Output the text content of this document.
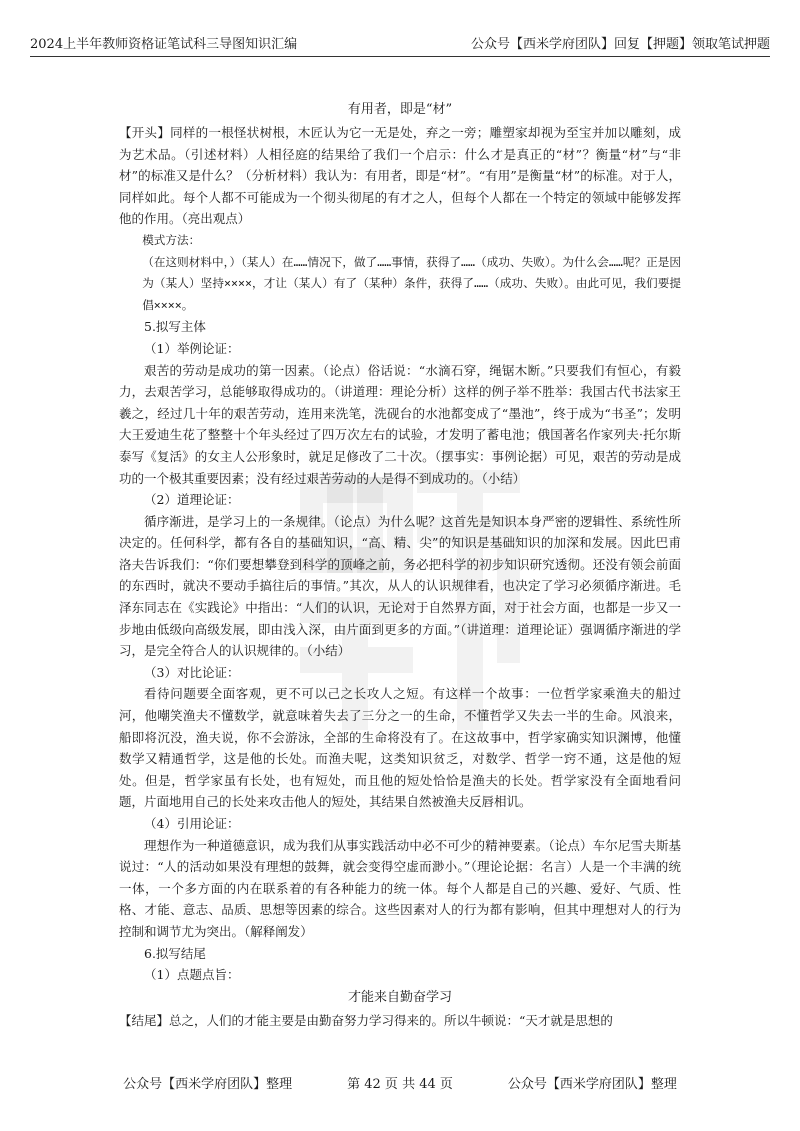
2024上半年教师资格证笔试科三导图知识汇编	公众号【西米学府团队】回复【押题】领取笔试押题

有用者，即是“材”

【开头】同样的一根怪状树根，木匠认为它一无是处，弃之一旁；雕塑家却视为至宝并加以雕刻，成为艺术品。（引述材料）人相径庭的结果给了我们一个启示：什么才是真正的“材”？衡量“材”与“非材”的标准又是什么？（分析材料）我认为：有用者，即是“材”。“有用”是衡量“材”的标准。对于人，同样如此。每个人都不可能成为一个彻头彻尾的有才之人，但每个人都在一个特定的领域中能够发挥他的作用。（亮出观点）

模式方法：

（在这则材料中，）（某人）在……情况下，做了……事情，获得了……（成功、失败）。为什么会……呢？正是因为（某人）坚持××××，才让（某人）有了（某种）条件，获得了……（成功、失败）。由此可见，我们要提倡××××。

5.拟写主体

（1）举例论证：

艰苦的劳动是成功的第一因素。（论点）俗话说：“水滴石穿，绳锯木断。”只要我们有恒心，有毅力，去艰苦学习，总能够取得成功的。（讲道理：理论分析）这样的例子举不胜举：我国古代书法家王羲之，经过几十年的艰苦劳动，连用来洗笔，洗砚台的水池都变成了“墨池”，终于成为“书圣”；发明大王爱迪生花了整整十个年头经过了四万次左右的试验，才发明了蓄电池；俄国著名作家列夫·托尔斯泰写《复活》的女主人公形象时，就足足修改了二十次。（摆事实：事例论据）可见，艰苦的劳动是成功的一个极其重要因素；没有经过艰苦劳动的人是得不到成功的。（小结）

（2）道理论证：

循序渐进，是学习上的一条规律。（论点）为什么呢？这首先是知识本身严密的逻辑性、系统性所决定的。任何科学，都有各自的基础知识，“高、精、尖”的知识是基础知识的加深和发展。因此巴甫洛夫告诉我们：“你们要想攀登到科学的顶峰之前，务必把科学的初步知识研究透彻。还没有领会前面的东西时，就决不要动手搞往后的事情。”其次，从人的认识规律看，也决定了学习必须循序渐进。毛泽东同志在《实践论》中指出：“人们的认识，无论对于自然界方面，对于社会方面，也都是一步又一步地由低级向高级发展，即由浅入深，由片面到更多的方面。”（讲道理：道理论证）强调循序渐进的学习，是完全符合人的认识规律的。（小结）

（3）对比论证：

看待问题要全面客观，更不可以己之长攻人之短。有这样一个故事：一位哲学家乘渔夫的船过河，他嘲笑渔夫不懂数学，就意味着失去了三分之一的生命，不懂哲学又失去一半的生命。风浪来，船即将沉没，渔夫说，你不会游泳，全部的生命将没有了。在这故事中，哲学家确实知识渊博，他懂数学又精通哲学，这是他的长处。而渔夫呢，这类知识贫乏，对数学、哲学一窍不通，这是他的短处。但是，哲学家虽有长处，也有短处，而且他的短处恰恰是渔夫的长处。哲学家没有全面地看问题，片面地用自己的长处来攻击他人的短处，其结果自然被渔夫反唇相讥。

（4）引用论证：

理想作为一种道德意识，成为我们从事实践活动中必不可少的精神要素。（论点）车尔尼雪夫斯基说过：“人的活动如果没有理想的鼓舞，就会变得空虚而渺小。”（理论论据：名言）人是一个丰满的统一体，一个多方面的内在联系着的有各种能力的统一体。每个人都是自己的兴趣、爱好、气质、性格、才能、意志、品质、思想等因素的综合。这些因素对人的行为都有影响，但其中理想对人的行为控制和调节尤为突出。（解释阐发）

6.拟写结尾

（1）点题点旨：

才能来自勤奋学习

【结尾】总之，人们的才能主要是由勤奋努力学习得来的。所以牛顿说：“天才就是思想的

公众号【西米学府团队】整理	第 42 页 共 44 页	公众号【西米学府团队】整理
